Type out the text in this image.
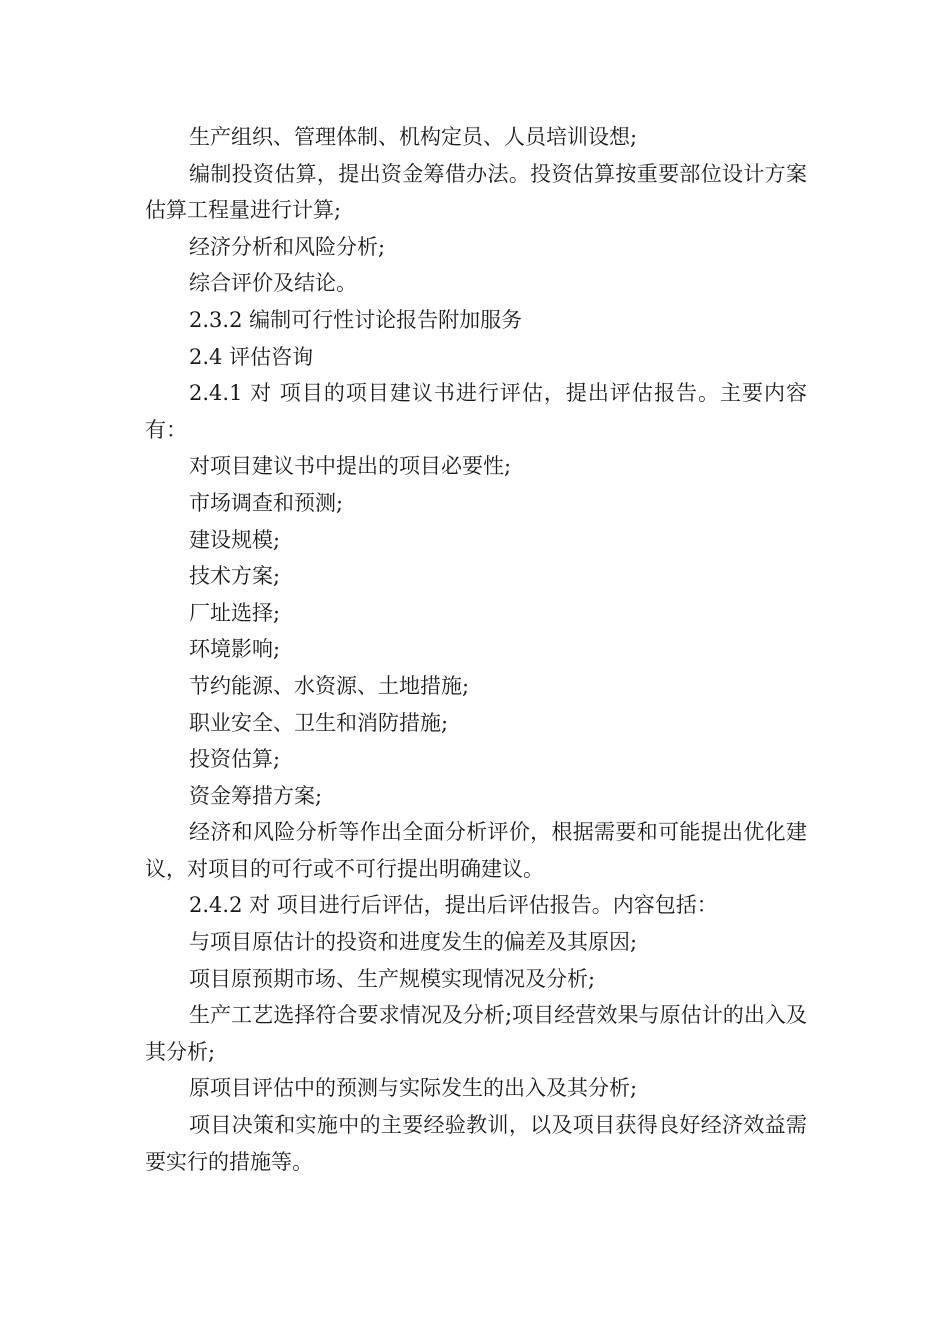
生产组织、管理体制、机构定员、人员培训设想;

编制投资估算，提出资金筹借办法。投资估算按重要部位设计方案估算工程量进行计算;

经济分析和风险分析;

综合评价及结论。

2.3.2 编制可行性讨论报告附加服务

2.4 评估咨询

2.4.1 对 项目的项目建议书进行评估，提出评估报告。主要内容有：

对项目建议书中提出的项目必要性;

市场调查和预测;

建设规模;

技术方案;

厂址选择;

环境影响;

节约能源、水资源、土地措施;

职业安全、卫生和消防措施;

投资估算;

资金筹措方案;

经济和风险分析等作出全面分析评价，根据需要和可能提出优化建议，对项目的可行或不可行提出明确建议。

2.4.2 对 项目进行后评估，提出后评估报告。内容包括：

与项目原估计的投资和进度发生的偏差及其原因;

项目原预期市场、生产规模实现情况及分析;

生产工艺选择符合要求情况及分析;项目经营效果与原估计的出入及其分析;

原项目评估中的预测与实际发生的出入及其分析;

项目决策和实施中的主要经验教训，以及项目获得良好经济效益需要实行的措施等。
